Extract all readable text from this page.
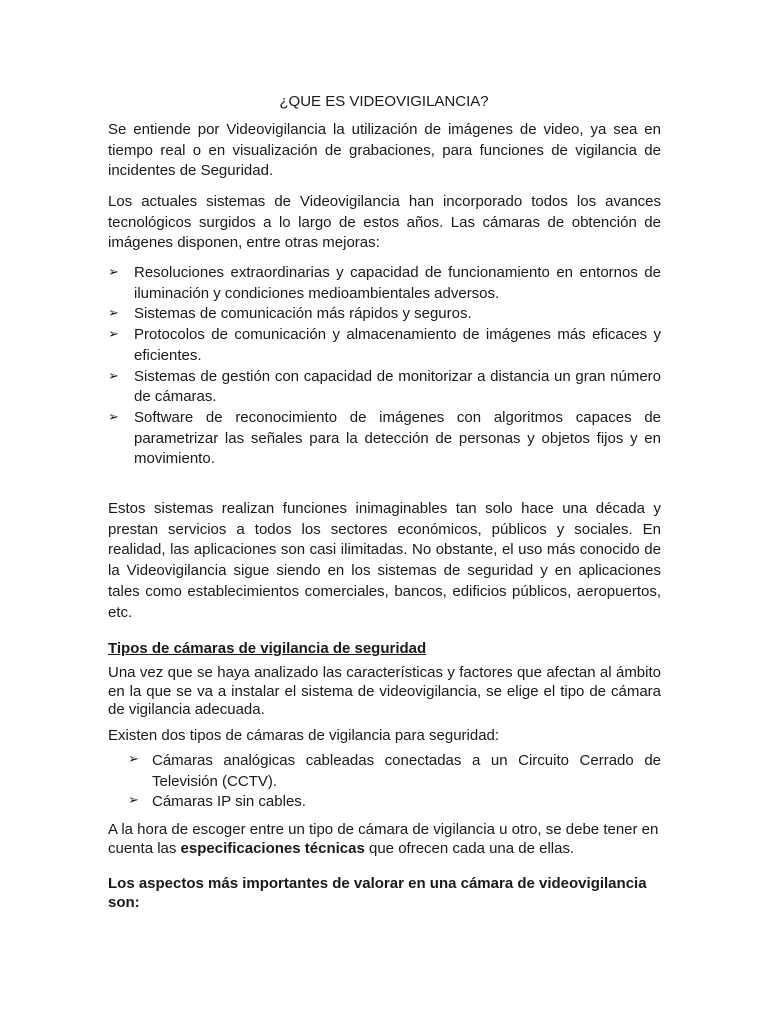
¿QUE ES VIDEOVIGILANCIA?

Se entiende por Videovigilancia la utilización de imágenes de video, ya sea en tiempo real o en visualización de grabaciones, para funciones de vigilancia de incidentes de Seguridad.

Los actuales sistemas de Videovigilancia han incorporado todos los avances tecnológicos surgidos a lo largo de estos años. Las cámaras de obtención de imágenes disponen, entre otras mejoras:

➢ Resoluciones extraordinarias y capacidad de funcionamiento en entornos de iluminación y condiciones medioambientales adversos.
➢ Sistemas de comunicación más rápidos y seguros.
➢ Protocolos de comunicación y almacenamiento de imágenes más eficaces y eficientes.
➢ Sistemas de gestión con capacidad de monitorizar a distancia un gran número de cámaras.
➢ Software de reconocimiento de imágenes con algoritmos capaces de parametrizar las señales para la detección de personas y objetos fijos y en movimiento.

Estos sistemas realizan funciones inimaginables tan solo hace una década y prestan servicios a todos los sectores económicos, públicos y sociales. En realidad, las aplicaciones son casi ilimitadas. No obstante, el uso más conocido de la Videovigilancia sigue siendo en los sistemas de seguridad y en aplicaciones tales como establecimientos comerciales, bancos, edificios públicos, aeropuertos, etc.

Tipos de cámaras de vigilancia de seguridad

Una vez que se haya analizado las características y factores que afectan al ámbito en la que se va a instalar el sistema de videovigilancia, se elige el tipo de cámara de vigilancia adecuada.

Existen dos tipos de cámaras de vigilancia para seguridad:

➢ Cámaras analógicas cableadas conectadas a un Circuito Cerrado de Televisión (CCTV).
➢ Cámaras IP sin cables.

A la hora de escoger entre un tipo de cámara de vigilancia u otro, se debe tener en cuenta las especificaciones técnicas que ofrecen cada una de ellas.

Los aspectos más importantes de valorar en una cámara de videovigilancia son:
